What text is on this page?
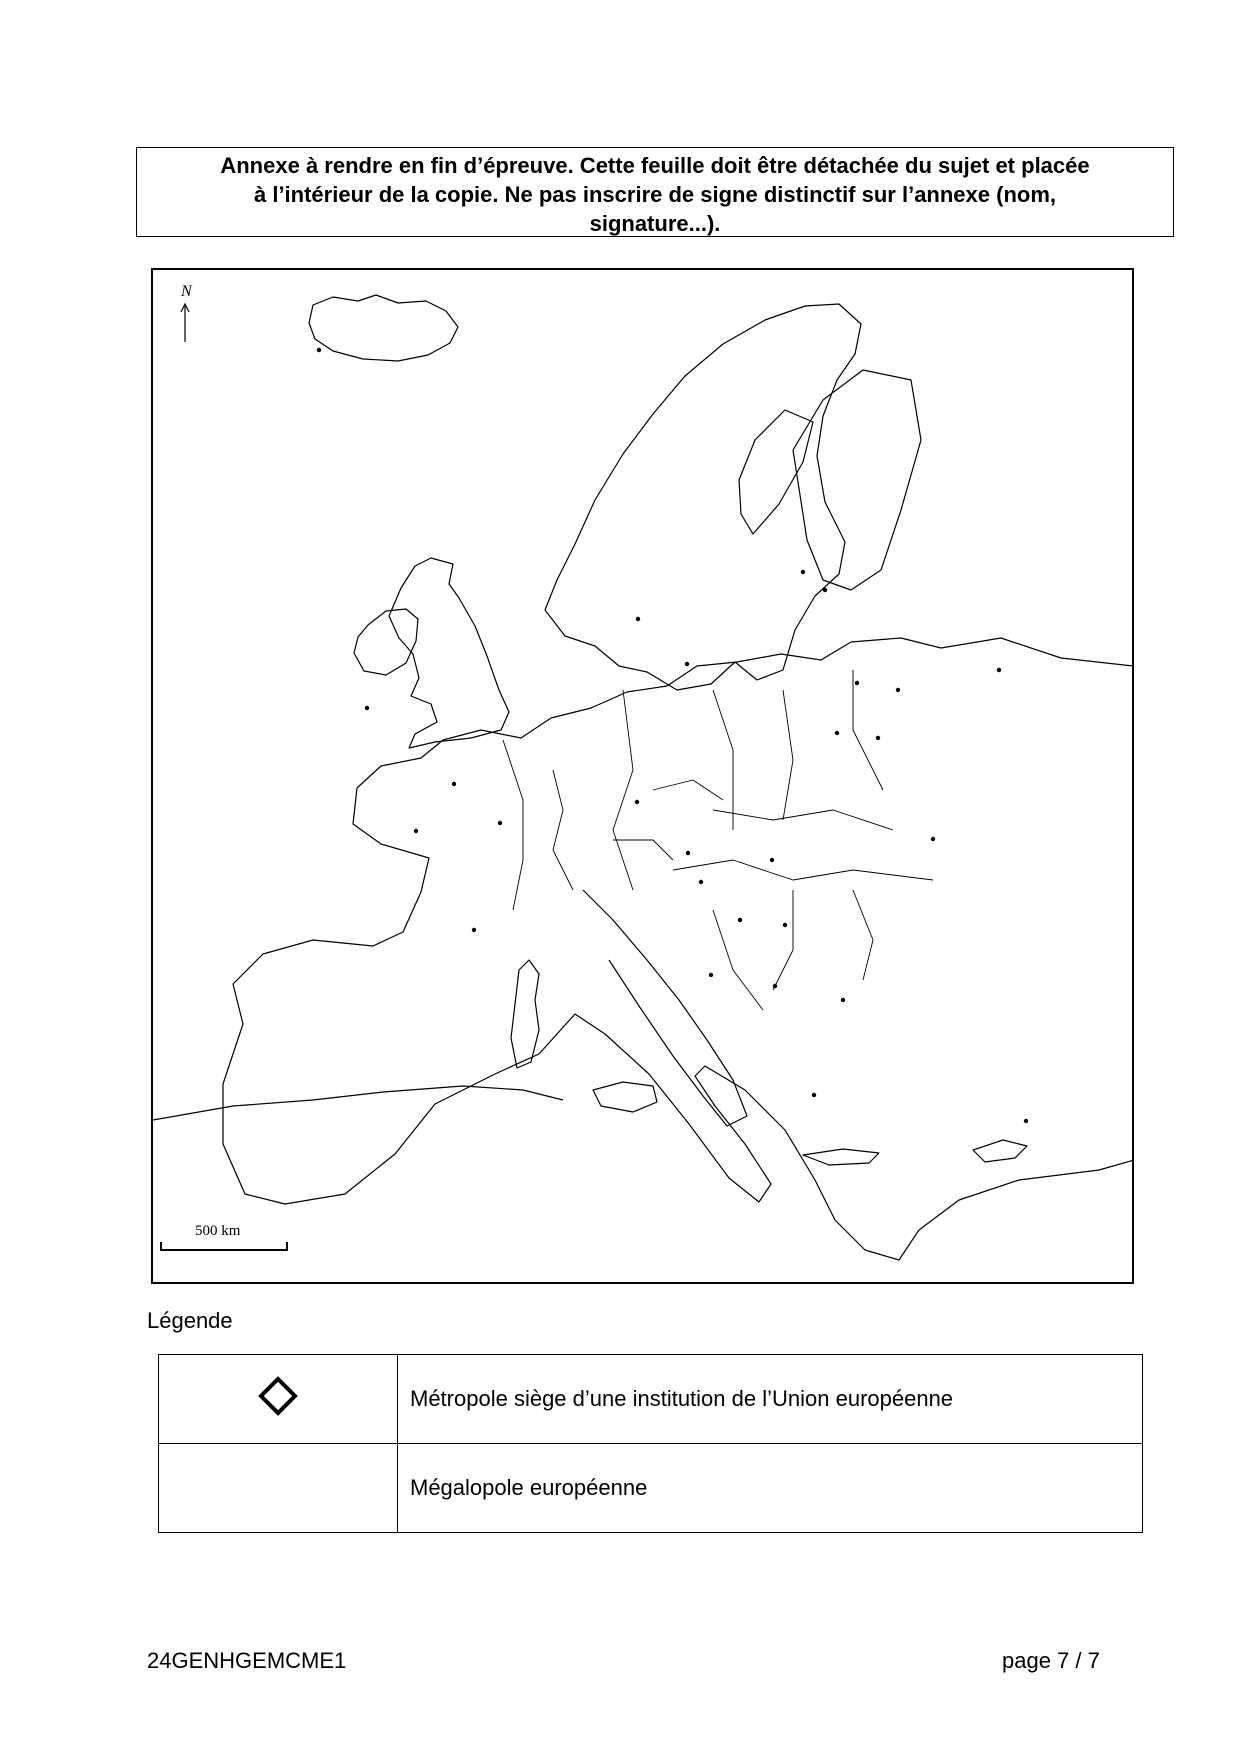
Annexe à rendre en fin d’épreuve. Cette feuille doit être détachée du sujet et placée
à l’intérieur de la copie. Ne pas inscrire de signe distinctif sur l’annexe (nom,
signature...).
N
500 km
Légende
	Métropole siège d’une institution de l’Union européenne
	Mégalopole européenne
24GENHGEMCME1	page 7 / 7
